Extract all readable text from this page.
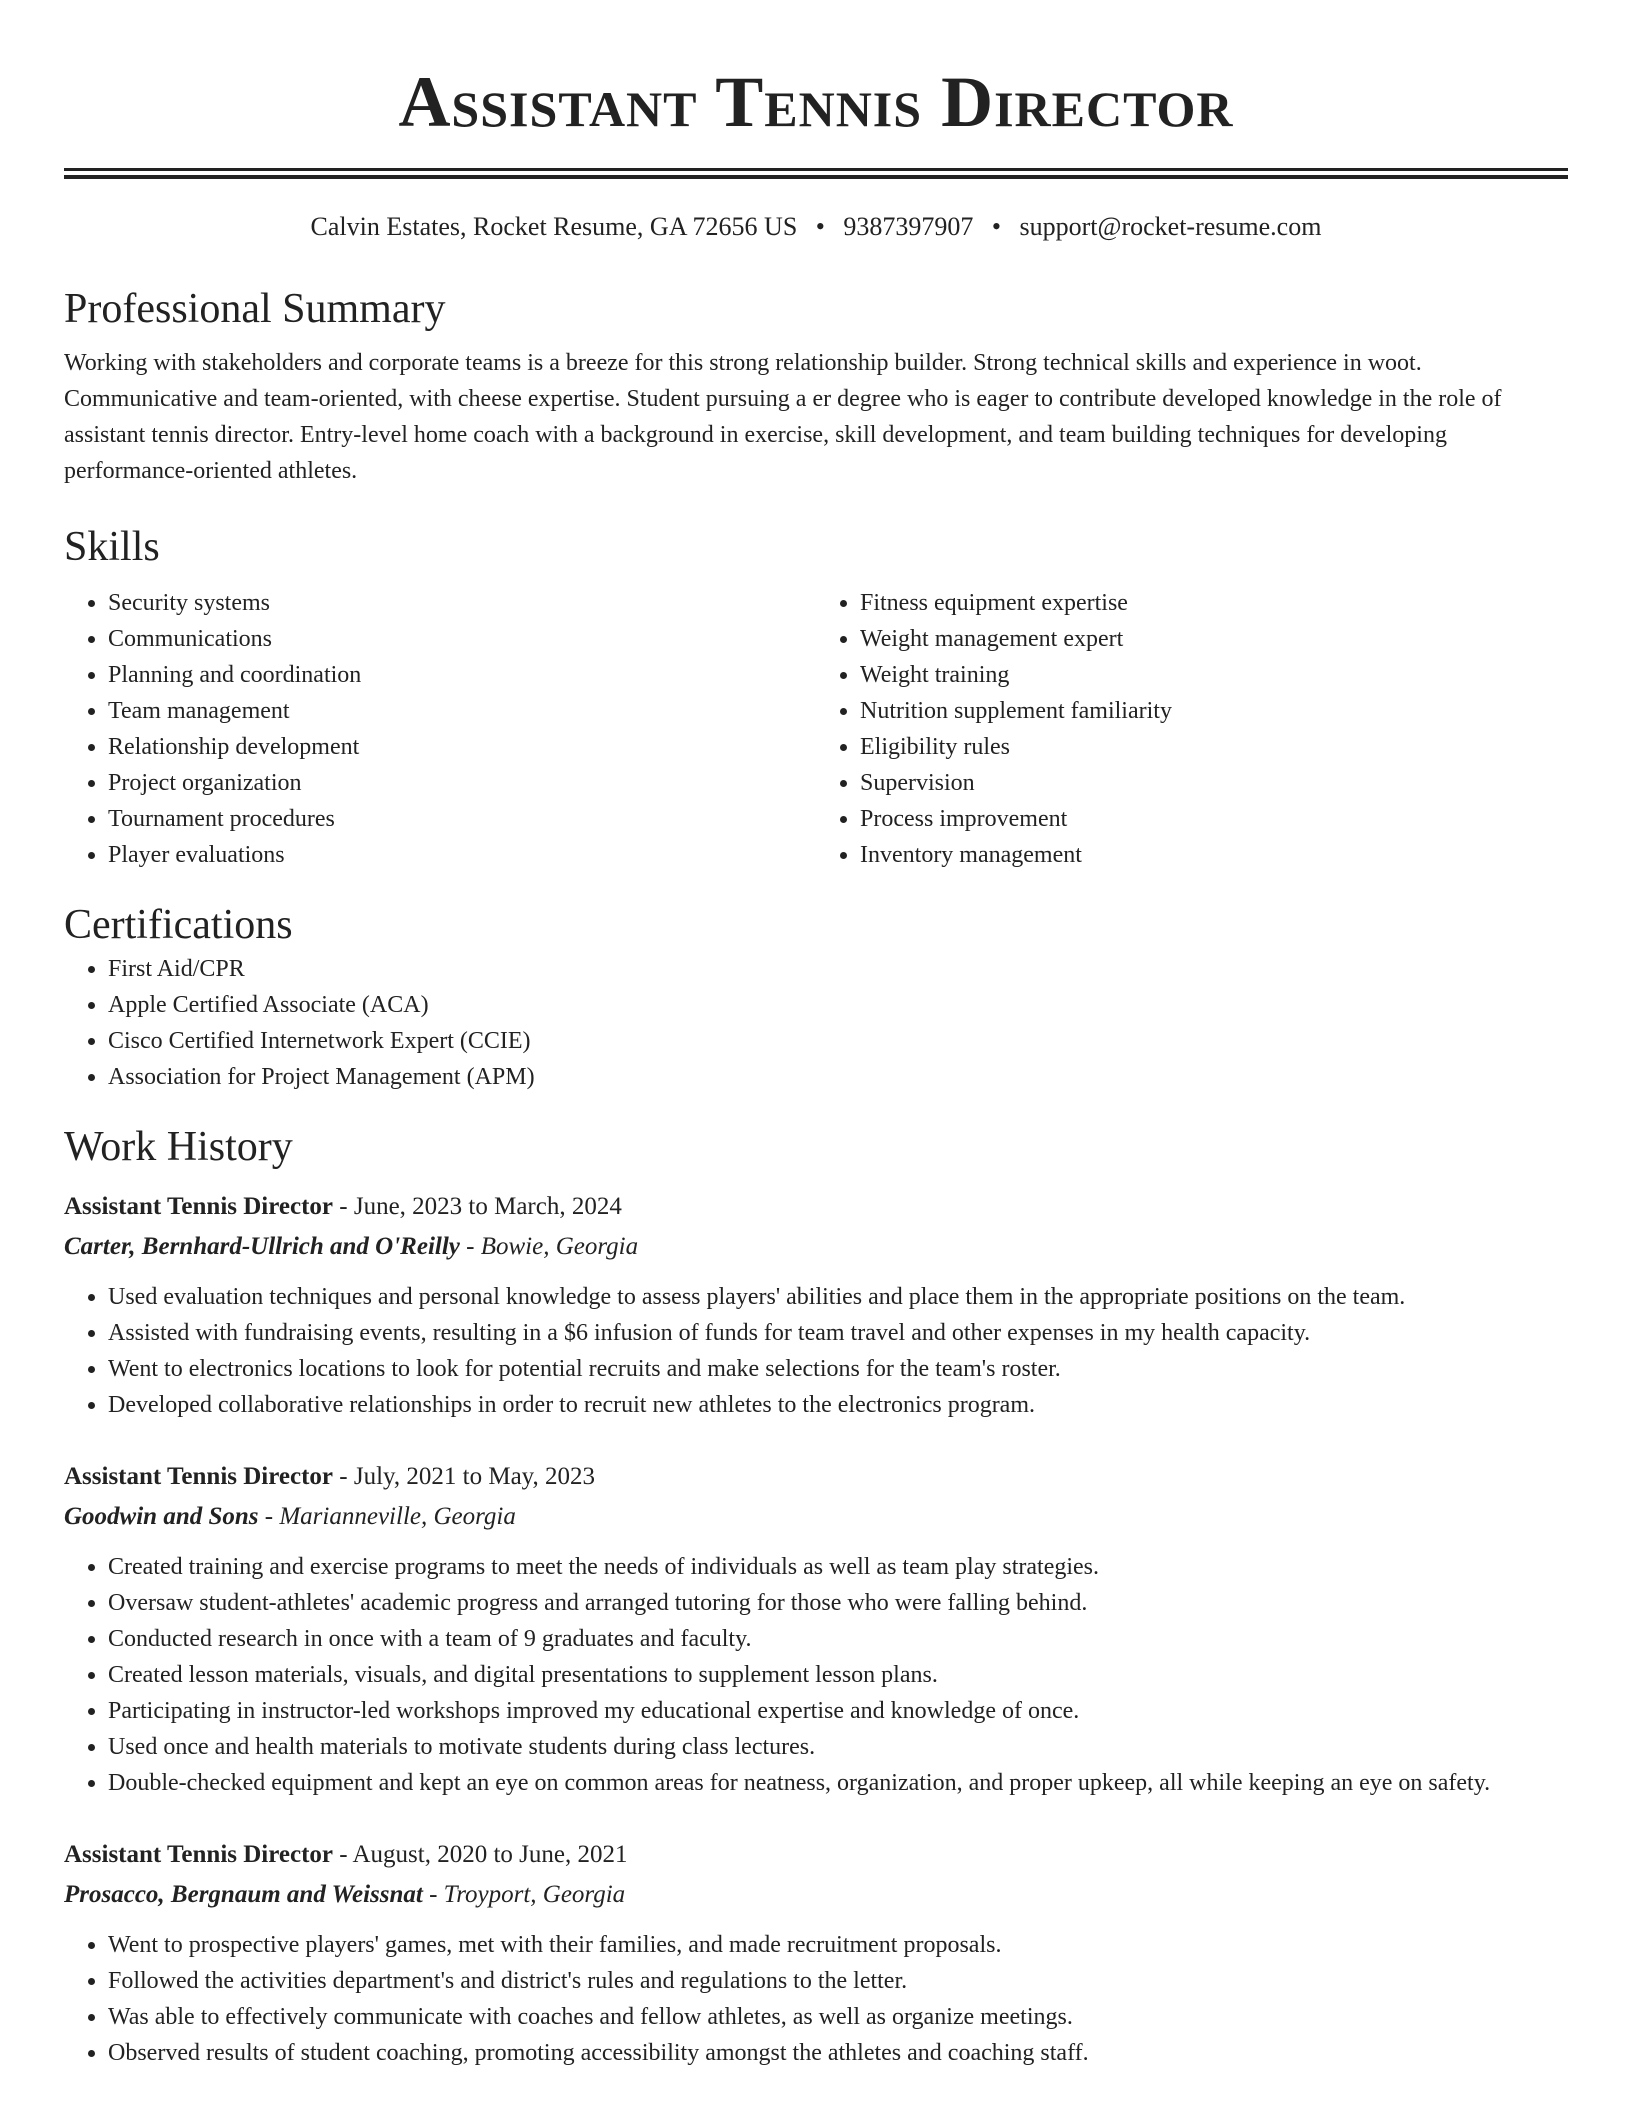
Assistant Tennis Director
Calvin Estates, Rocket Resume, GA 72656 US • 9387397907 • support@rocket-resume.com
Professional Summary

Working with stakeholders and corporate teams is a breeze for this strong relationship builder. Strong technical skills and experience in woot. Communicative and team-oriented, with cheese expertise. Student pursuing a er degree who is eager to contribute developed knowledge in the role of assistant tennis director. Entry-level home coach with a background in exercise, skill development, and team building techniques for developing performance-oriented athletes.

Skills
• Security systems
• Communications
• Planning and coordination
• Team management
• Relationship development
• Project organization
• Tournament procedures
• Player evaluations
• Fitness equipment expertise
• Weight management expert
• Weight training
• Nutrition supplement familiarity
• Eligibility rules
• Supervision
• Process improvement
• Inventory management
Certifications
• First Aid/CPR
• Apple Certified Associate (ACA)
• Cisco Certified Internetwork Expert (CCIE)
• Association for Project Management (APM)
Work History
Assistant Tennis Director - June, 2023 to March, 2024
Carter, Bernhard-Ullrich and O'Reilly - Bowie, Georgia
• Used evaluation techniques and personal knowledge to assess players' abilities and place them in the appropriate positions on the team.
• Assisted with fundraising events, resulting in a $6 infusion of funds for team travel and other expenses in my health capacity.
• Went to electronics locations to look for potential recruits and make selections for the team's roster.
• Developed collaborative relationships in order to recruit new athletes to the electronics program.
Assistant Tennis Director - July, 2021 to May, 2023
Goodwin and Sons - Marianneville, Georgia
• Created training and exercise programs to meet the needs of individuals as well as team play strategies.
• Oversaw student-athletes' academic progress and arranged tutoring for those who were falling behind.
• Conducted research in once with a team of 9 graduates and faculty.
• Created lesson materials, visuals, and digital presentations to supplement lesson plans.
• Participating in instructor-led workshops improved my educational expertise and knowledge of once.
• Used once and health materials to motivate students during class lectures.
• Double-checked equipment and kept an eye on common areas for neatness, organization, and proper upkeep, all while keeping an eye on safety.
Assistant Tennis Director - August, 2020 to June, 2021
Prosacco, Bergnaum and Weissnat - Troyport, Georgia
• Went to prospective players' games, met with their families, and made recruitment proposals.
• Followed the activities department's and district's rules and regulations to the letter.
• Was able to effectively communicate with coaches and fellow athletes, as well as organize meetings.
• Observed results of student coaching, promoting accessibility amongst the athletes and coaching staff.
